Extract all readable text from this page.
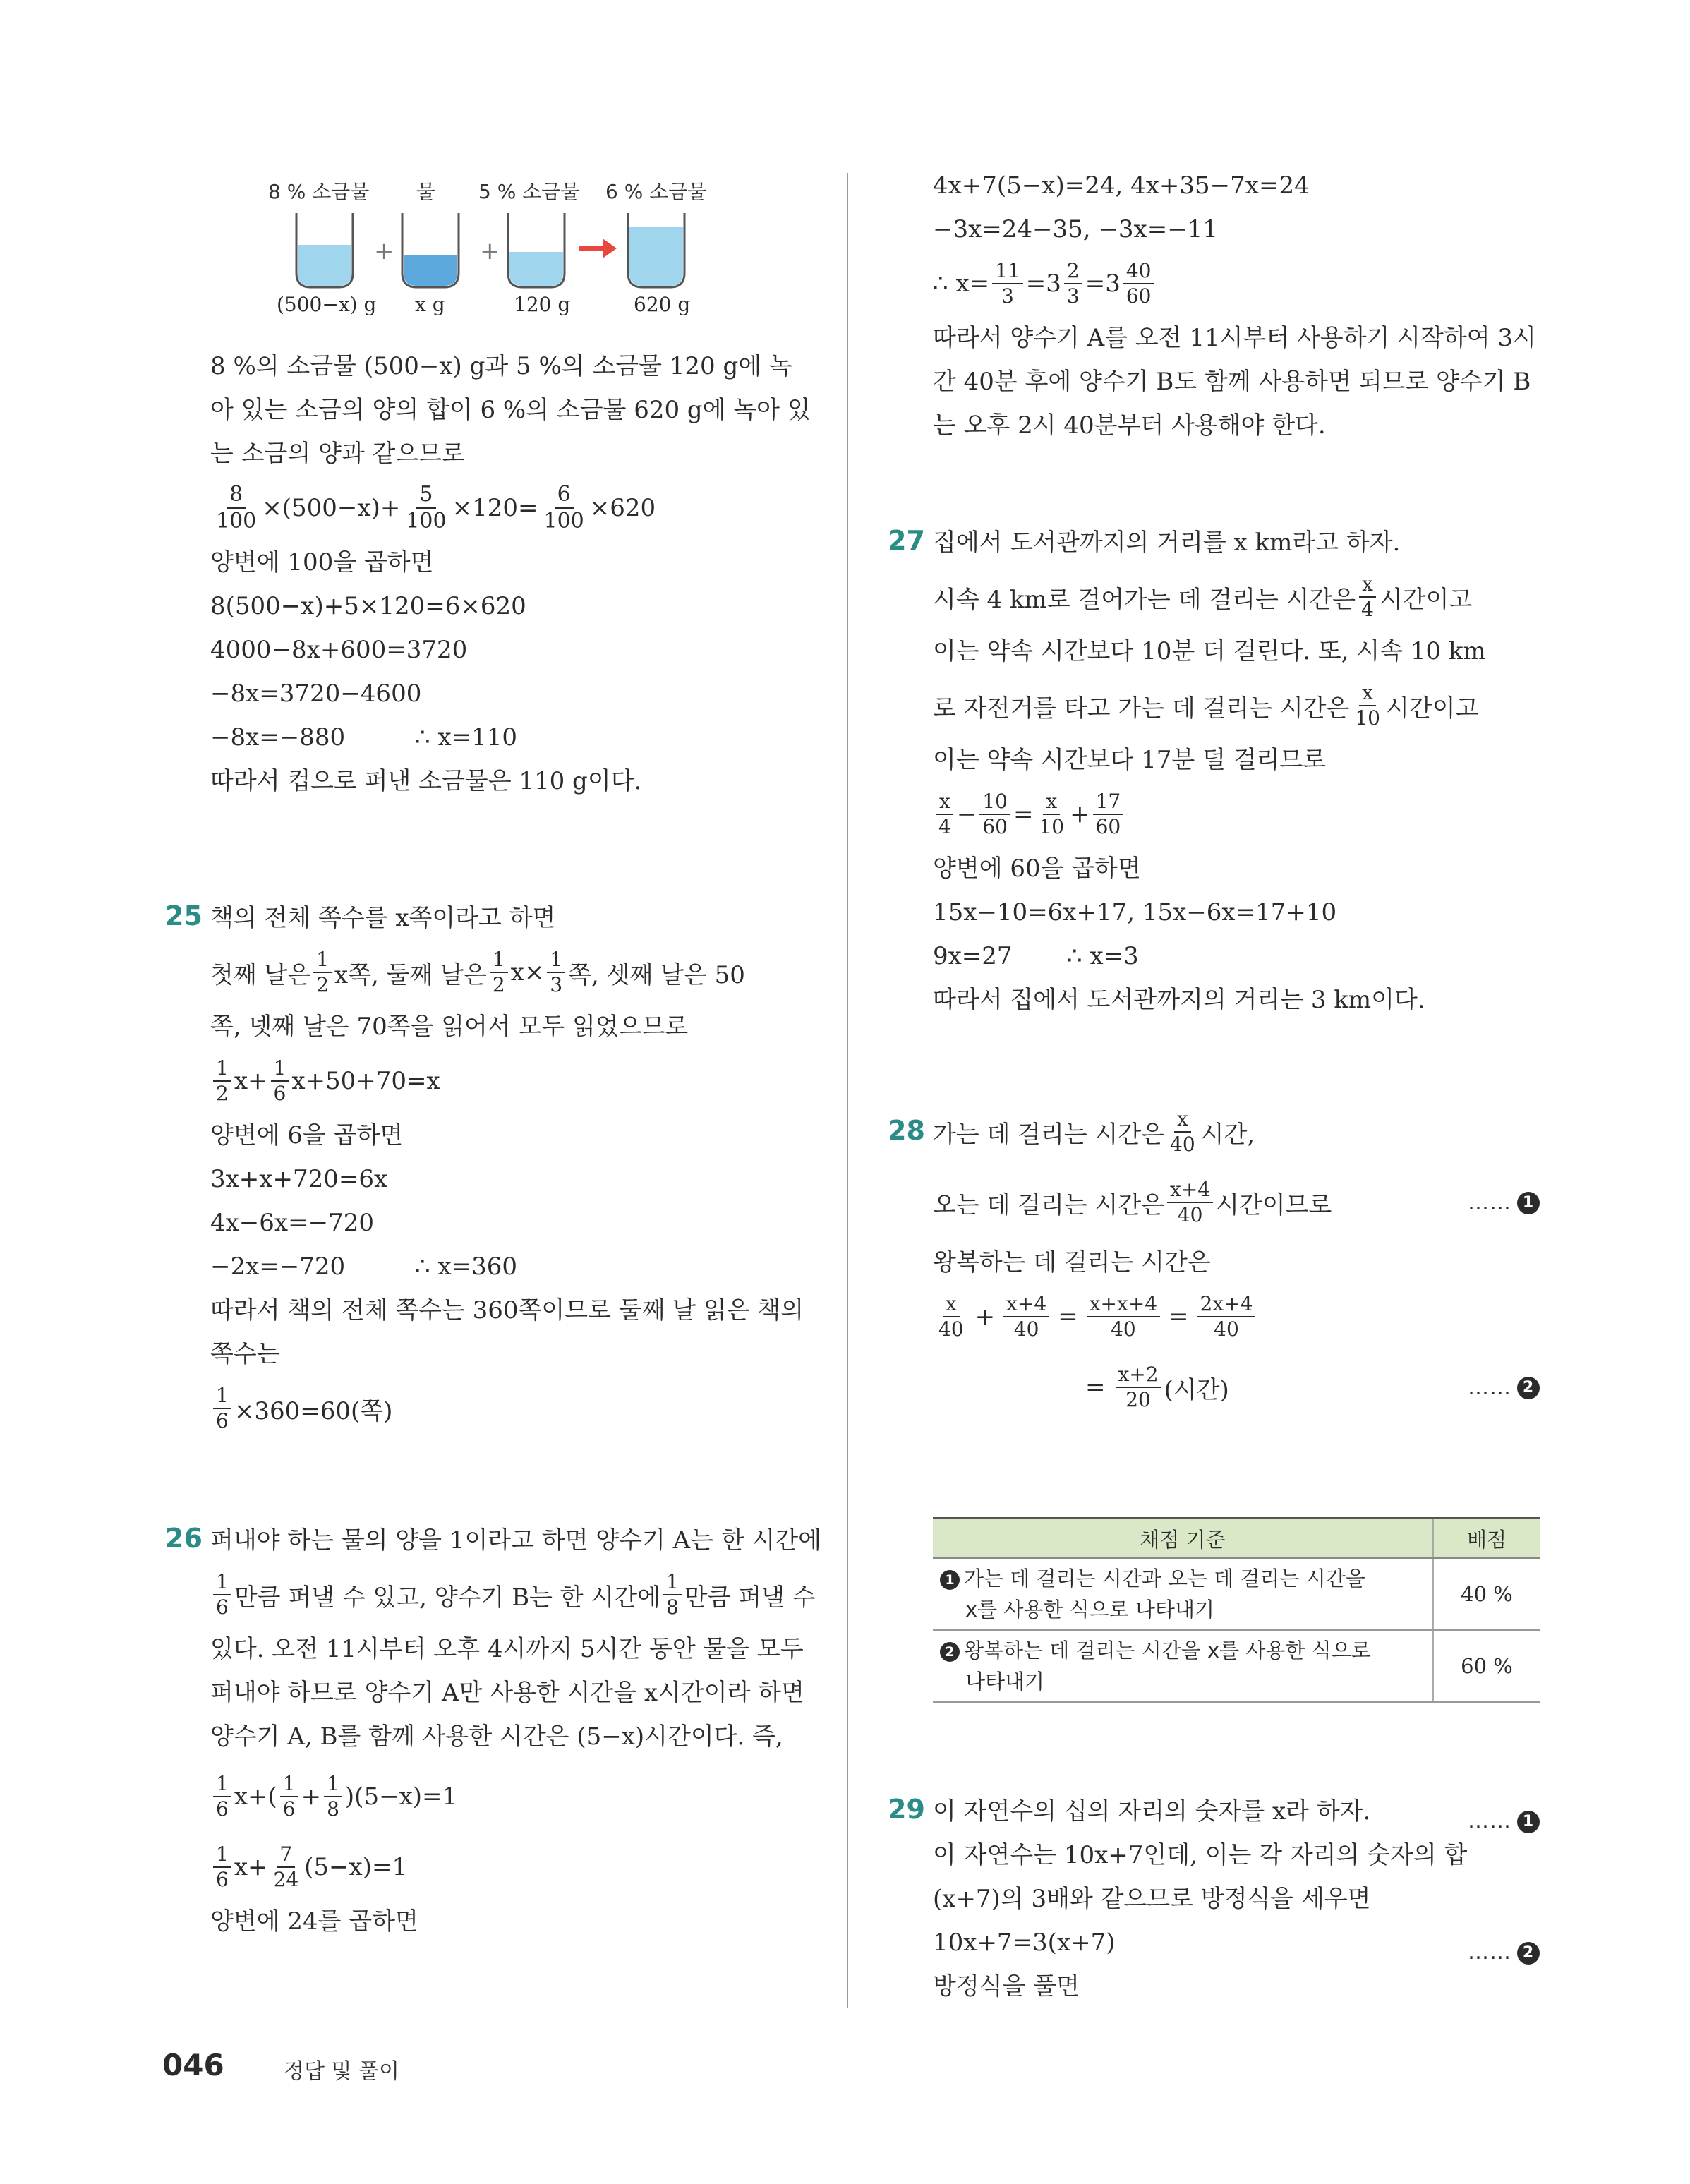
8 % 소금물 물 5 % 소금물 6 % 소금물
+	+
(500−x) g x g	120 g	620 g
8 %의 소금물 (500−x) g과 5 %의 소금물 120 g에 녹
아 있는 소금의 양의 합이 6 %의 소금물 620 g에 녹아 있
는 소금의 양과 같으므로
$\frac{8}{100} \times(500-x)+ \frac{5}{100} \times 120= \frac{6}{100} \times 620$
양변에 100을 곱하면
8(500−x)+5×120=6×620
4000−8x+600=3720
−8x=3720−4600
−8x=−880	∴ x=110
따라서 컵으로 퍼낸 소금물은 110 g이다.
25 책의 전체 쪽수를 x쪽이라고 하면
첫째 날은 $\frac{1}{2}$ x쪽, 둘째 날은 $\frac{1}{2} x\times \frac{1}{3}$ 쪽, 셋째 날은 50
쪽, 넷째 날은 70쪽을 읽어서 모두 읽었으므로
$\frac{1}{2} x+ \frac{1}{6} x+50+70=x$
양변에 6을 곱하면
3x+x+720=6x
4x−6x=−720
−2x=−720	∴ x=360
따라서 책의 전체 쪽수는 360쪽이므로 둘째 날 읽은 책의
쪽수는
$\frac{1}{6} \times 360=60$(쪽)
26 퍼내야 하는 물의 양을 1이라고 하면 양수기 A는 한 시간에
$\frac{1}{6}$ 만큼 퍼낼 수 있고, 양수기 B는 한 시간에 $\frac{1}{8}$ 만큼 퍼낼 수
있다. 오전 11시부터 오후 4시까지 5시간 동안 물을 모두
퍼내야 하므로 양수기 A만 사용한 시간을 x시간이라 하면
양수기 A, B를 함께 사용한 시간은 (5−x)시간이다. 즉,
$\frac{1}{6} x+( \frac{1}{6} + \frac{1}{8} )(5-x)=1$
$\frac{1}{6} x+ \frac{7}{24} (5-x)=1$
양변에 24를 곱하면
4x+7(5−x)=24, 4x+35−7x=24
−3x=24−35, −3x=−11
∴ $x= \frac{11}{3} =3 \frac{2}{3} =3 \frac{40}{60}$
따라서 양수기 A를 오전 11시부터 사용하기 시작하여 3시
간 40분 후에 양수기 B도 함께 사용하면 되므로 양수기 B
는 오후 2시 40분부터 사용해야 한다.
27 집에서 도서관까지의 거리를 x km라고 하자.
시속 4 km로 걸어가는 데 걸리는 시간은 $\frac{x}{4}$ 시간이고
이는 약속 시간보다 10분 더 걸린다. 또, 시속 10 km
로 자전거를 타고 가는 데 걸리는 시간은 $\frac{x}{10}$ 시간이고
이는 약속 시간보다 17분 덜 걸리므로
$\frac{x}{4} - \frac{10}{60} = \frac{x}{10} + \frac{17}{60}$
양변에 60을 곱하면
15x−10=6x+17, 15x−6x=17+10
9x=27 ∴ x=3
따라서 집에서 도서관까지의 거리는 3 km이다.
28 가는 데 걸리는 시간은 $\frac{x}{40}$ 시간,
오는 데 걸리는 시간은 $\frac{x+4}{40}$ 시간이므로	…… 1
왕복하는 데 걸리는 시간은
$\frac{x}{40} + \frac{x+4}{40} = \frac{x+x+4}{40} = \frac{2x+4}{40}$
= $\frac{x+2}{20}$ (시간)	…… 2
채점 기준	배점

1 가는 데 걸리는 시간과 오는 데 걸리는 시간을
x를 사용한 식으로 나타내기	40 %

2 왕복하는 데 걸리는 시간을 x를 사용한 식으로
나타내기	60 %
29 이 자연수의 십의 자리의 숫자를 x라 하자.	…… 1
이 자연수는 10x+7인데, 이는 각 자리의 숫자의 합
(x+7)의 3배와 같으므로 방정식을 세우면
10x+7=3(x+7)	…… 2
방정식을 풀면
046	정답 및 풀이
